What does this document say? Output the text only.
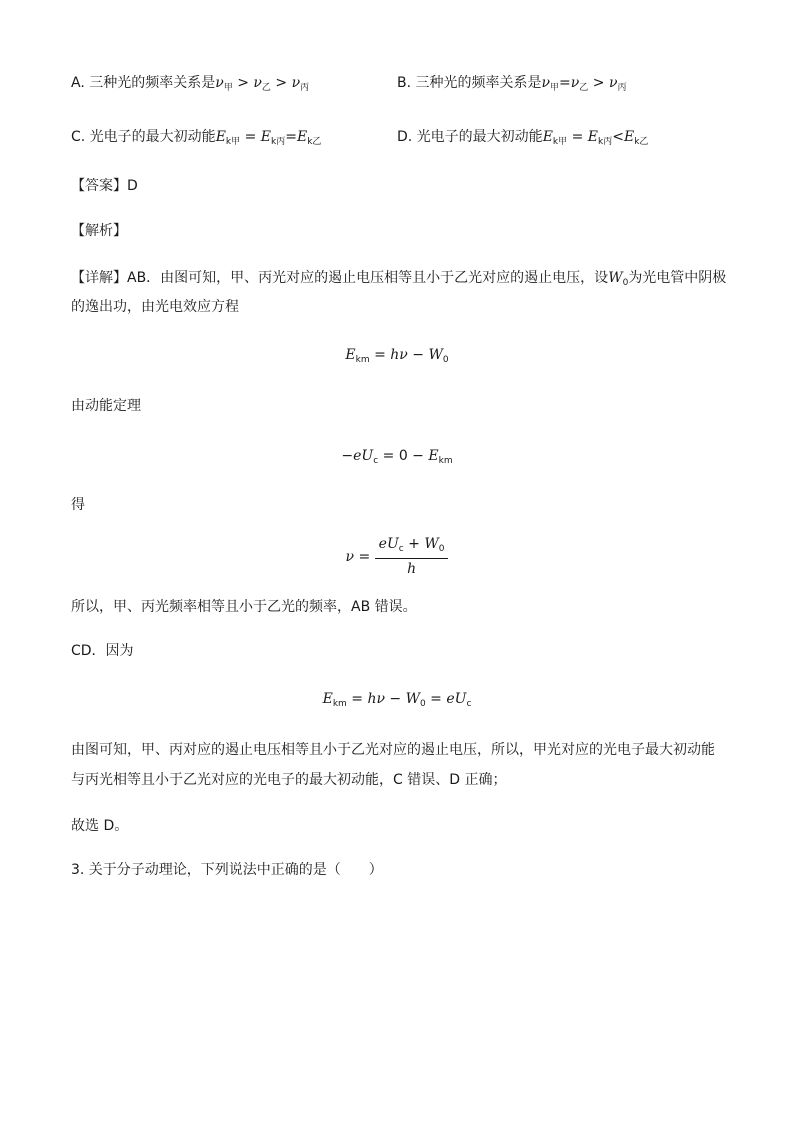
A. 三种光的频率关系是$\nu_甲 > \nu_乙 > \nu_丙$	B. 三种光的频率关系是$\nu_甲=\nu_乙 > \nu_丙$
C. 光电子的最大初动能$E_{k甲} = E_{k丙}=E_{k乙}$	D. 光电子的最大初动能$E_{k甲} = E_{k丙}<E_{k乙}$
【答案】D
【解析】
【详解】AB．由图可知，甲、丙光对应的遏止电压相等且小于乙光对应的遏止电压，设$W_0$为光电管中阴极
的逸出功，由光电效应方程
$E_{km} = h\nu - W_0$
由动能定理
$-eU_c = 0 - E_{km}$
得
$\nu = \frac{eU_c + W_0}{h}$
所以，甲、丙光频率相等且小于乙光的频率，AB 错误。
CD．因为
$E_{km} = h\nu - W_0 = eU_c$
由图可知，甲、丙对应的遏止电压相等且小于乙光对应的遏止电压，所以，甲光对应的光电子最大初动能
与丙光相等且小于乙光对应的光电子的最大初动能，C 错误、D 正确；
故选 D。
3. 关于分子动理论，下列说法中正确的是（　　）
